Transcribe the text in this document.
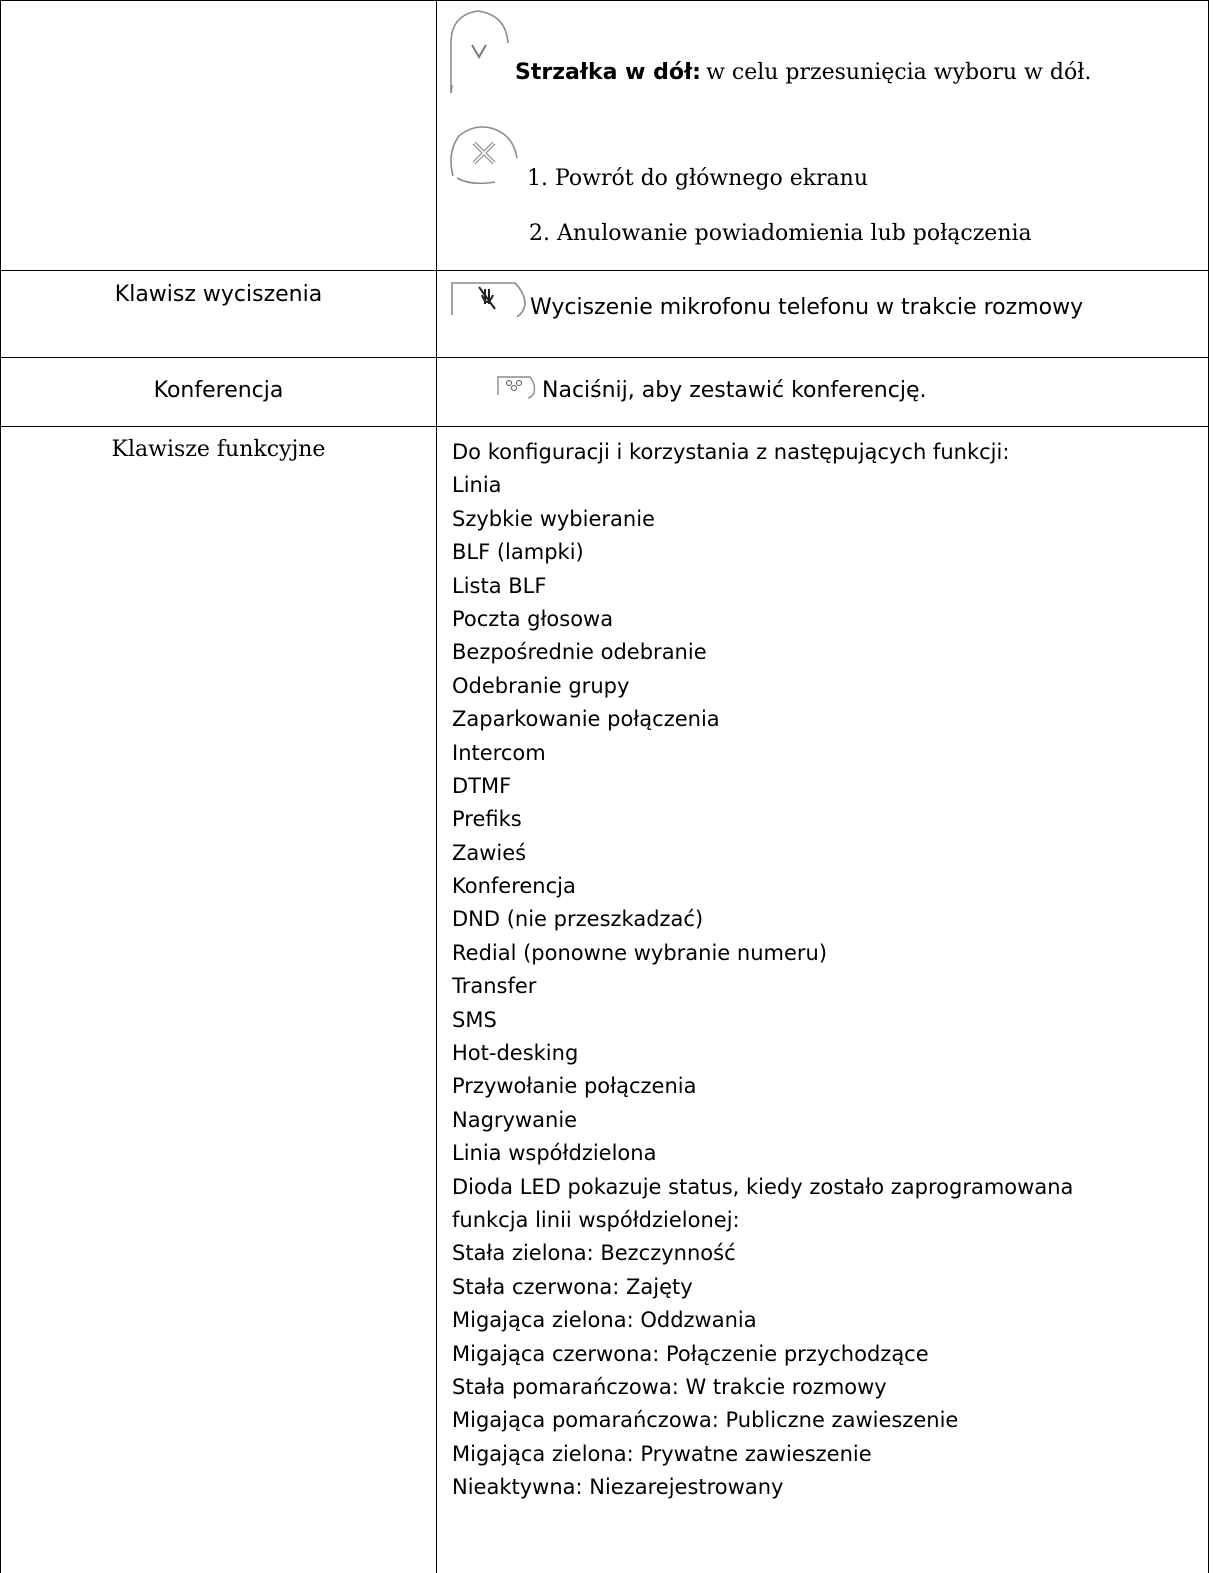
Strzałka w dół: w celu przesunięcia wyboru w dół.
1. Powrót do głównego ekranu
2. Anulowanie powiadomienia lub połączenia
Klawisz wyciszenia
Wyciszenie mikrofonu telefonu w trakcie rozmowy
Konferencja	Naciśnij, aby zestawić konferencję.
Klawisze funkcyjne	Do konfiguracji i korzystania z następujących funkcji:
Linia
Szybkie wybieranie
BLF (lampki)
Lista BLF
Poczta głosowa
Bezpośrednie odebranie
Odebranie grupy
Zaparkowanie połączenia
Intercom
DTMF
Prefiks
Zawieś
Konferencja
DND (nie przeszkadzać)
Redial (ponowne wybranie numeru)
Transfer
SMS
Hot-desking
Przywołanie połączenia
Nagrywanie
Linia współdzielona
Dioda LED pokazuje status, kiedy zostało zaprogramowana
funkcja linii współdzielonej:
Stała zielona: Bezczynność
Stała czerwona: Zajęty
Migająca zielona: Oddzwania
Migająca czerwona: Połączenie przychodzące
Stała pomarańczowa: W trakcie rozmowy
Migająca pomarańczowa: Publiczne zawieszenie
Migająca zielona: Prywatne zawieszenie
Nieaktywna: Niezarejestrowany
